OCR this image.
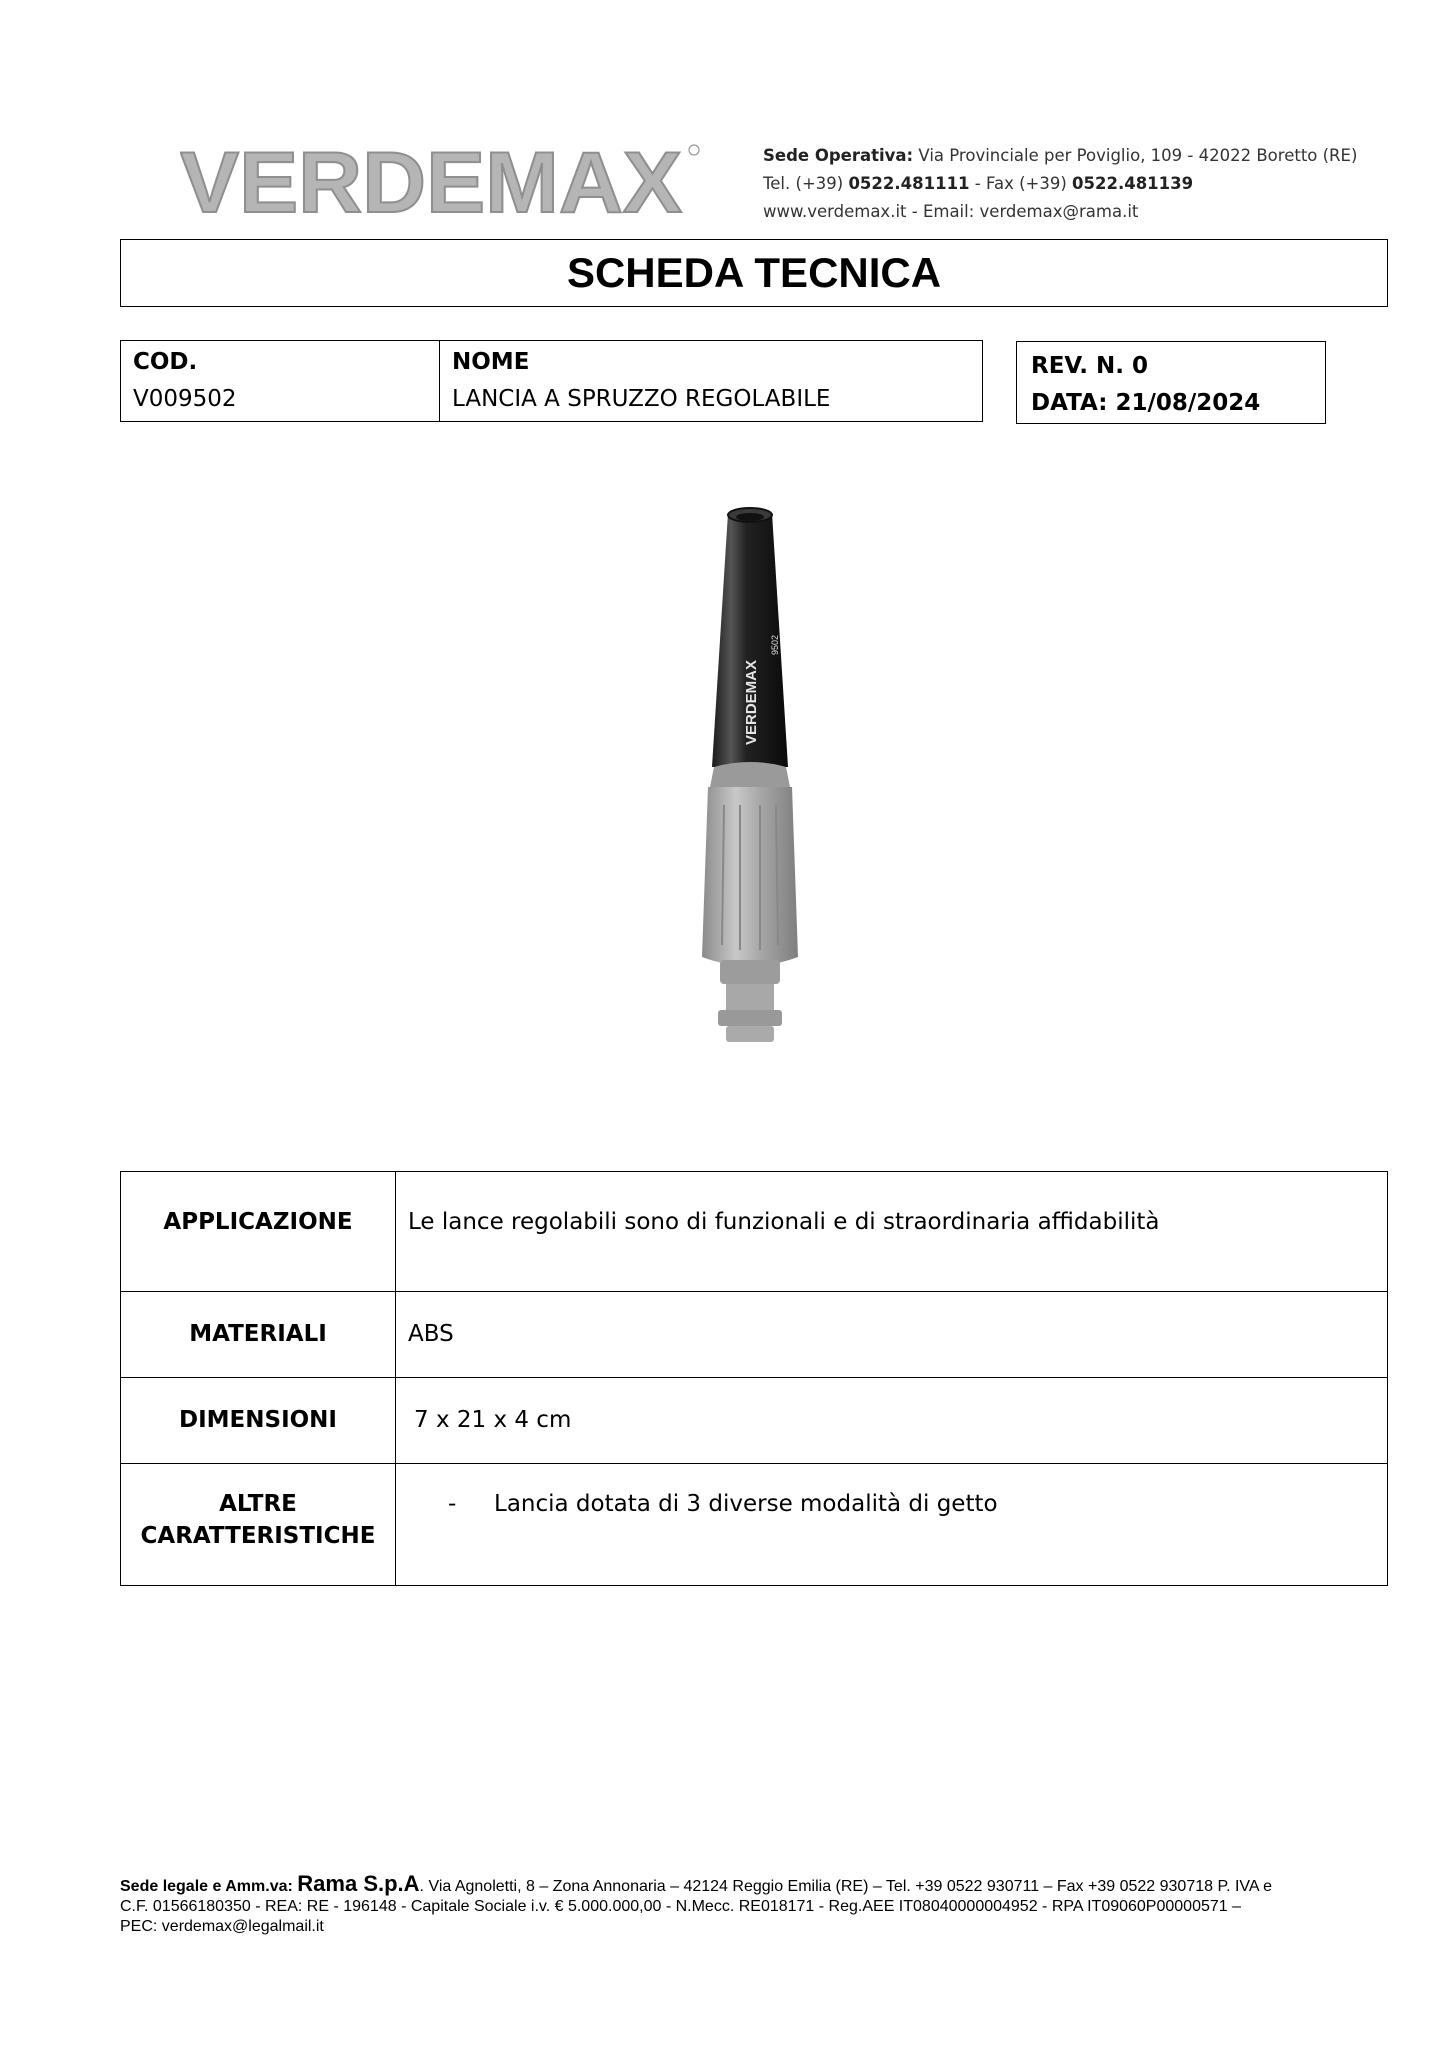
VERDEMAX	Sede Operativa: Via Provinciale per Poviglio, 109 - 42022 Boretto (RE)
Tel. (+39) 0522.481111 - Fax (+39) 0522.481139
www.verdemax.it - Email: verdemax@rama.it
SCHEDA TECNICA
COD.
V009502

NOME
LANCIA A SPRUZZO REGOLABILE
REV. N. 0
DATA: 21/08/2024
VERDEMAX
9502
APPLICAZIONE	Le lance regolabili sono di funzionali e di straordinaria affidabilità
MATERIALI	ABS
DIMENSIONI	7 x 21 x 4 cm

ALTRE
CARATTERISTICHE	- Lancia dotata di 3 diverse modalità di getto
Sede legale e Amm.va: Rama S.p.A. Via Agnoletti, 8 – Zona Annonaria – 42124 Reggio Emilia (RE) – Tel. +39 0522 930711 – Fax +39 0522 930718 P. IVA e
C.F. 01566180350 - REA: RE - 196148 - Capitale Sociale i.v. € 5.000.000,00 - N.Mecc. RE018171 - Reg.AEE IT08040000004952 - RPA IT09060P00000571 –
PEC: verdemax@legalmail.it
